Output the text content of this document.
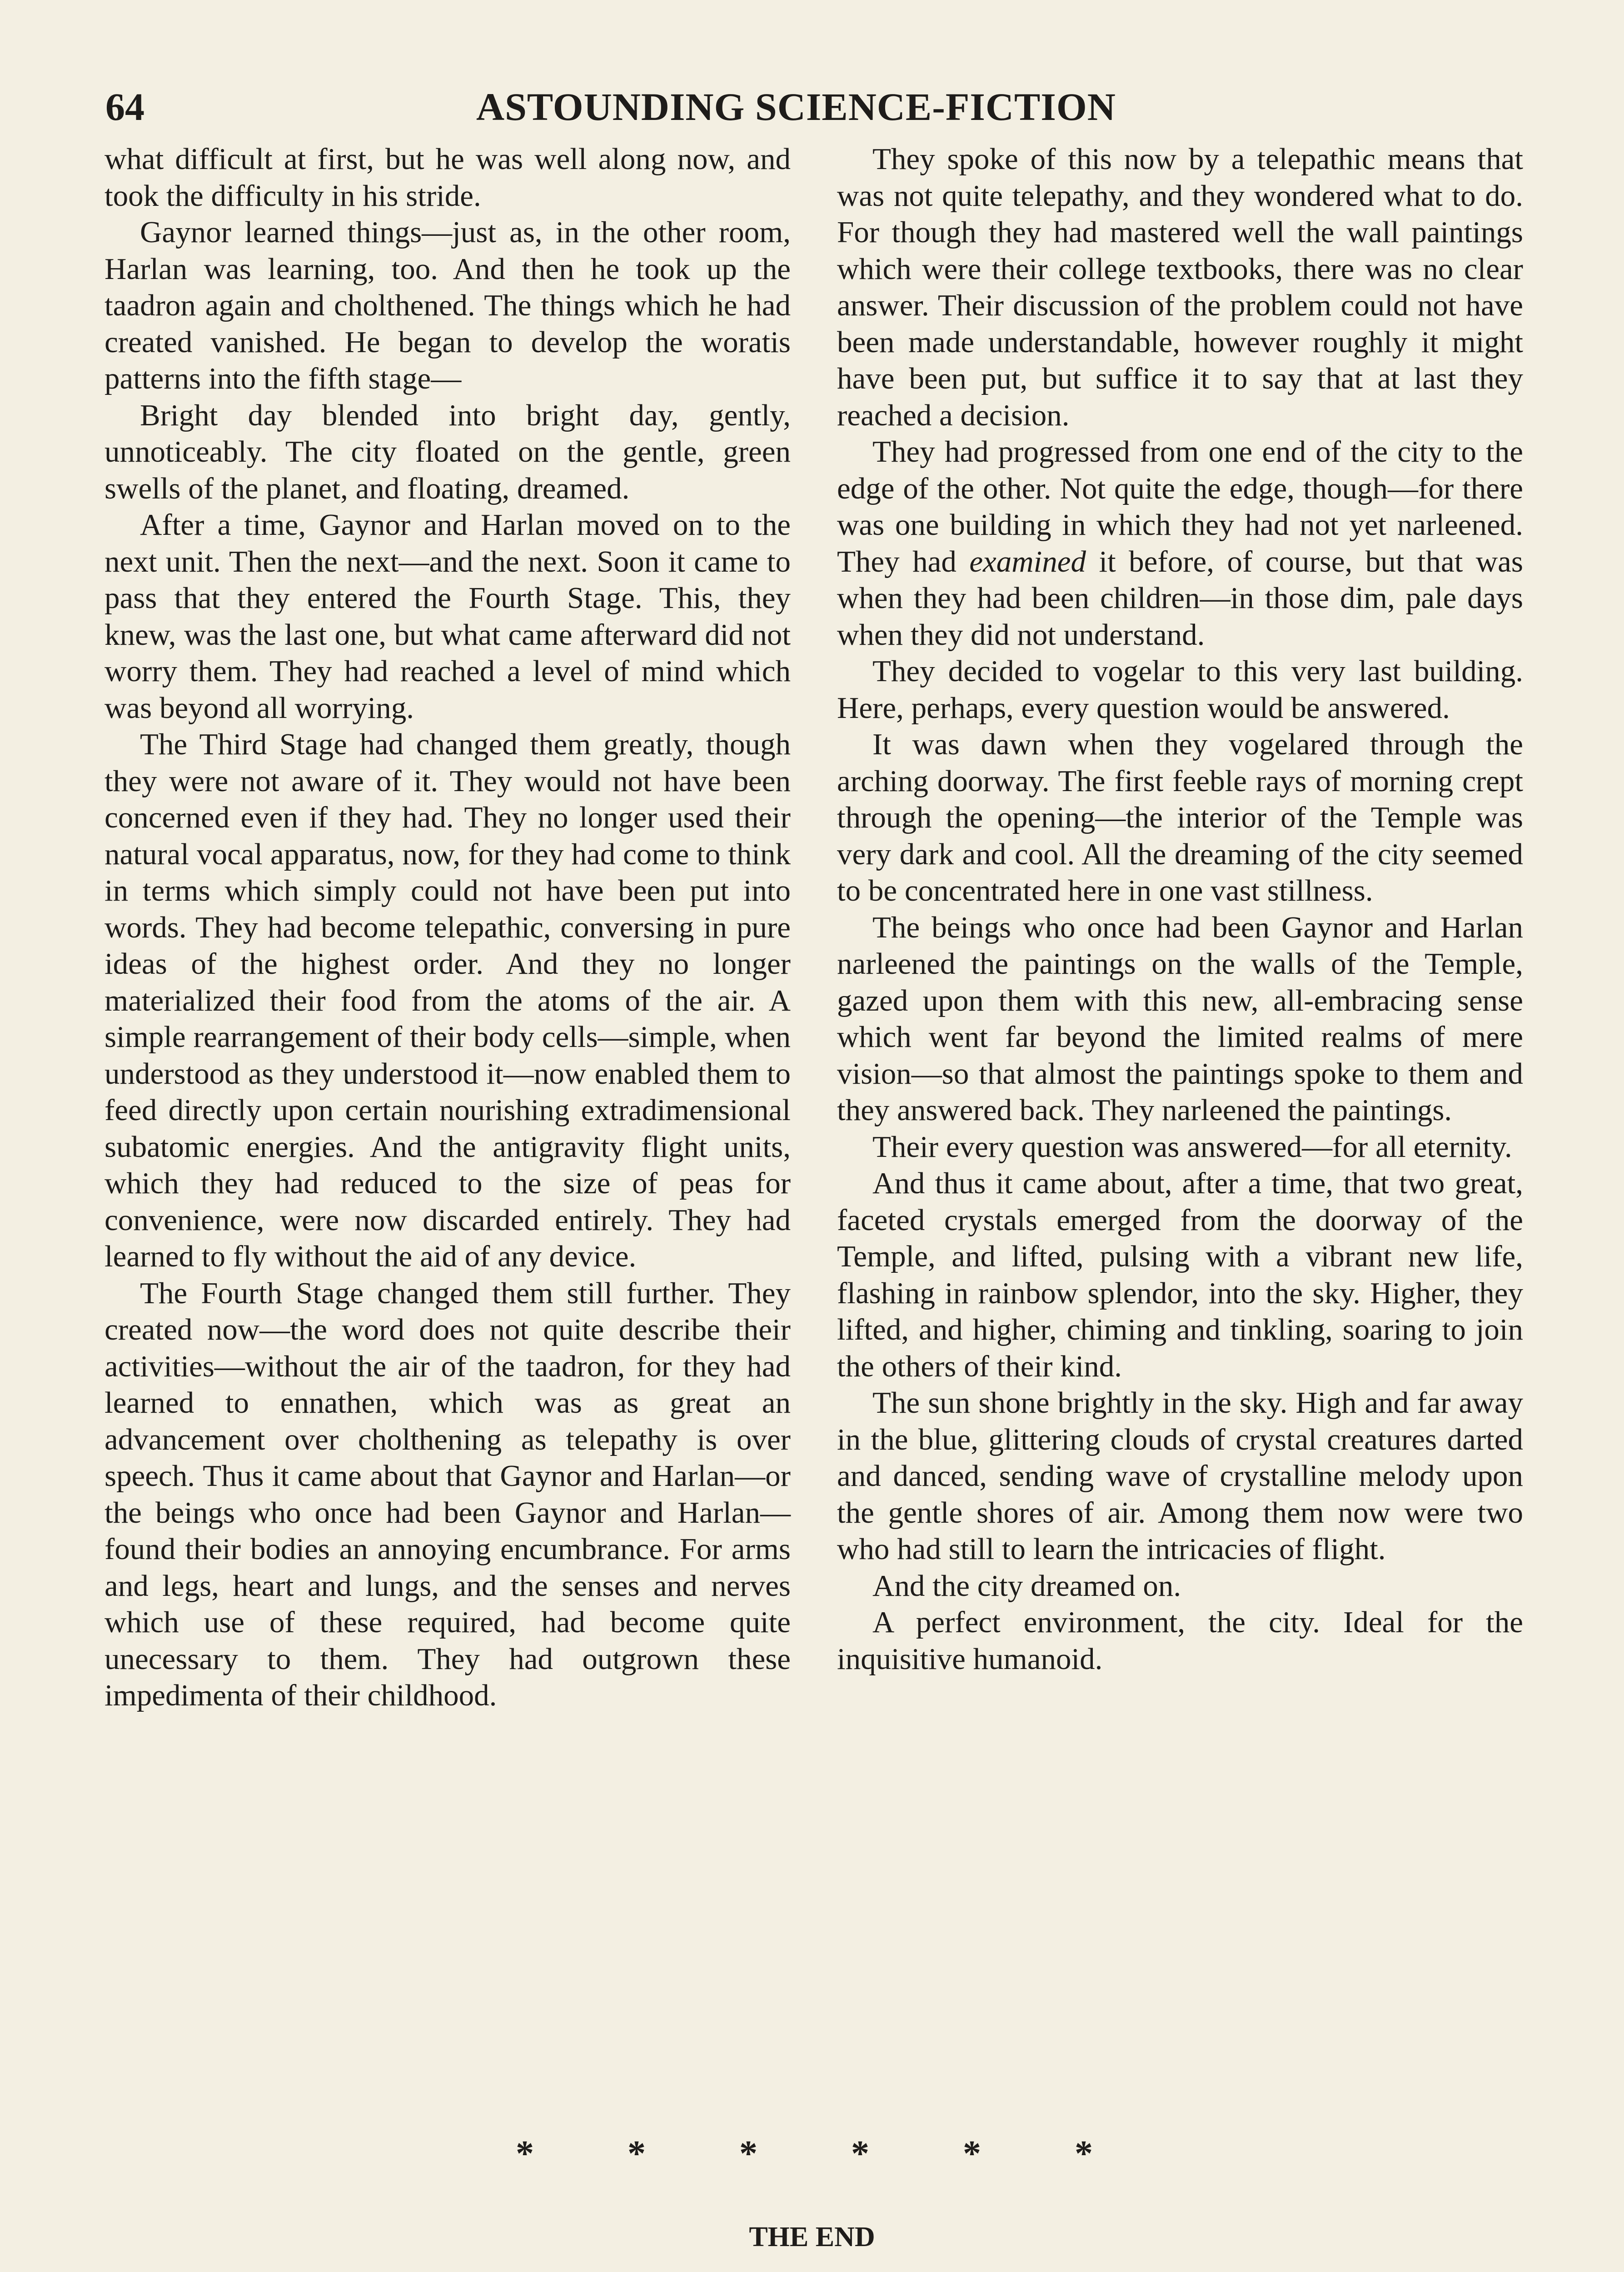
64	ASTOUNDING SCIENCE-FICTION

what difficult at first, but he was well along now, and took the difficulty in his stride.

Gaynor learned things—just as, in the other room, Harlan was learning, too. And then he took up the taadron again and cholthened. The things which he had created vanished. He began to develop the woratis patterns into the fifth stage—

Bright day blended into bright day, gently, unnoticeably. The city floated on the gentle, green swells of the planet, and floating, dreamed.

After a time, Gaynor and Harlan moved on to the next unit. Then the next—and the next. Soon it came to pass that they entered the Fourth Stage. This, they knew, was the last one, but what came afterward did not worry them. They had reached a level of mind which was beyond all worrying.

The Third Stage had changed them greatly, though they were not aware of it. They would not have been concerned even if they had. They no longer used their natural vocal apparatus, now, for they had come to think in terms which simply could not have been put into words. They had become telepathic, conversing in pure ideas of the highest order. And they no longer materialized their food from the atoms of the air. A simple rearrangement of their body cells—simple, when understood as they understood it—now enabled them to feed directly upon certain nourishing extradimensional subatomic energies. And the antigravity flight units, which they had reduced to the size of peas for convenience, were now discarded entirely. They had learned to fly without the aid of any device.

The Fourth Stage changed them still further. They created now—the word does not quite describe their activities—without the air of the taadron, for they had learned to ennathen, which was as great an advancement over cholthening as telepathy is over speech. Thus it came about that Gaynor and Harlan—or the beings who once had been Gaynor and Harlan—found their bodies an annoying encumbrance. For arms and legs, heart and lungs, and the senses and nerves which use of these required, had become quite unecessary to them. They had outgrown these impedimenta of their childhood.

They spoke of this now by a telepathic means that was not quite telepathy, and they wondered what to do. For though they had mastered well the wall paintings which were their college textbooks, there was no clear answer. Their discussion of the problem could not have been made understandable, however roughly it might have been put, but suffice it to say that at last they reached a decision.

They had progressed from one end of the city to the edge of the other. Not quite the edge, though—for there was one building in which they had not yet narleened. They had examined it before, of course, but that was when they had been children—in those dim, pale days when they did not understand.

They decided to vogelar to this very last building. Here, perhaps, every question would be answered.

It was dawn when they vogelared through the arching doorway. The first feeble rays of morning crept through the opening—the interior of the Temple was very dark and cool. All the dreaming of the city seemed to be concentrated here in one vast stillness.

The beings who once had been Gaynor and Harlan narleened the paintings on the walls of the Temple, gazed upon them with this new, all-embracing sense which went far beyond the limited realms of mere vision—so that almost the paintings spoke to them and they answered back. They narleened the paintings.

Their every question was answered—for all eternity.

And thus it came about, after a time, that two great, faceted crystals emerged from the doorway of the Temple, and lifted, pulsing with a vibrant new life, flashing in rainbow splendor, into the sky. Higher, they lifted, and higher, chiming and tinkling, soaring to join the others of their kind.

The sun shone brightly in the sky. High and far away in the blue, glittering clouds of crystal creatures darted and danced, sending wave of crystalline melody upon the gentle shores of air. Among them now were two who had still to learn the intricacies of flight.

And the city dreamed on.

A perfect environment, the city. Ideal for the inquisitive humanoid.

*	*	*	*	*	*
THE END
